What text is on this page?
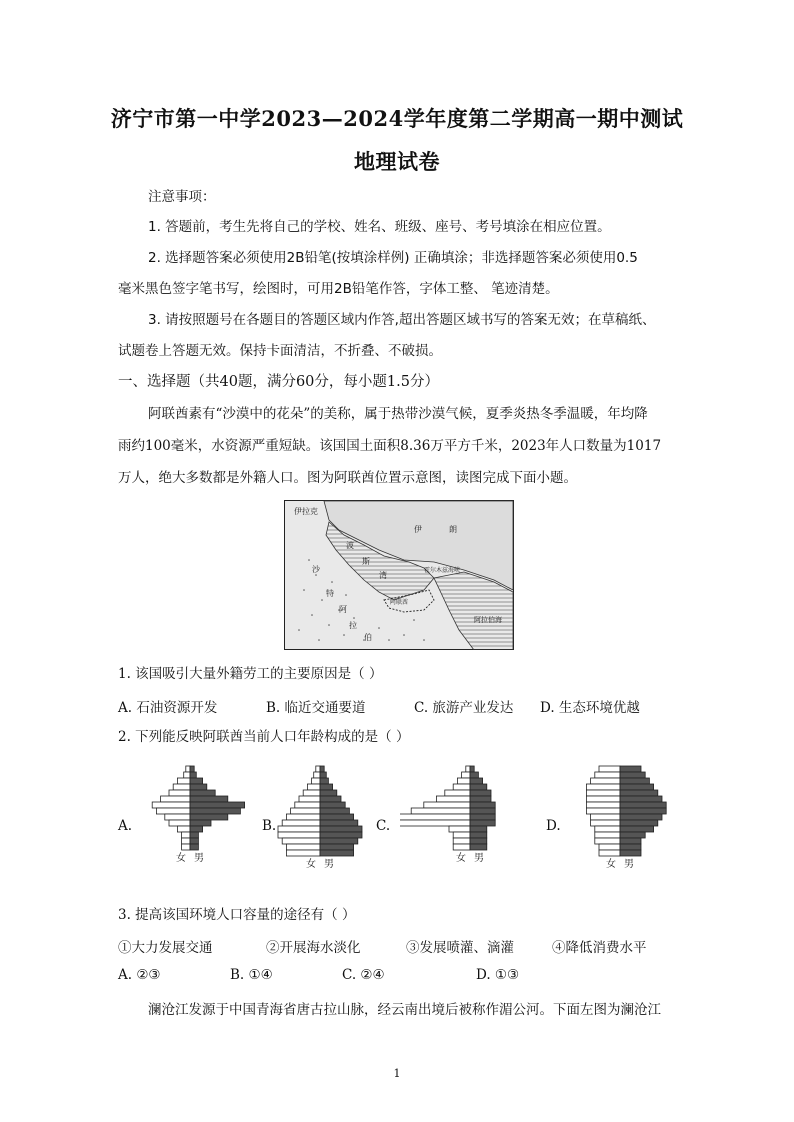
济宁市第一中学2023—2024学年度第二学期高一期中测试
地理试卷
注意事项：
1. 答题前，考生先将自己的学校、姓名、班级、座号、考号填涂在相应位置。
2. 选择题答案必须使用2B铅笔(按填涂样例) 正确填涂；非选择题答案必须使用0.5
毫米黑色签字笔书写，绘图时，可用2B铅笔作答，字体工整、 笔迹清楚。
3. 请按照题号在各题目的答题区域内作答,超出答题区域书写的答案无效；在草稿纸、
试题卷上答题无效。保持卡面清洁，不折叠、不破损。
一、选择题（共40题，满分60分，每小题1.5分）
阿联酋素有“沙漠中的花朵”的美称，属于热带沙漠气候，夏季炎热冬季温暖，年均降
雨约100毫米，水资源严重短缺。该国国土面积8.36万平方千米，2023年人口数量为1017
万人，绝大多数都是外籍人口。图为阿联酋位置示意图，读图完成下面小题。
伊拉克
伊	朗
波
斯
湾
沙
特
阿
拉
伯
霍尔木兹海峡
阿联酋
阿拉伯海
1. 该国吸引大量外籍劳工的主要原因是（ ）
A. 石油资源开发	B. 临近交通要道	C. 旅游产业发达 D. 生态环境优越
2. 下列能反映阿联酋当前人口年龄构成的是（ ）
A.	B.	C.	D.
女 男
女 男
女 男
女 男
3. 提高该国环境人口容量的途径有（ ）
①大力发展交通	②开展海水淡化	③发展喷灌、滴灌	④降低消费水平
A. ②③	B. ①④	C. ②④	D. ①③
澜沧江发源于中国青海省唐古拉山脉，经云南出境后被称作湄公河。下面左图为澜沧江
1
